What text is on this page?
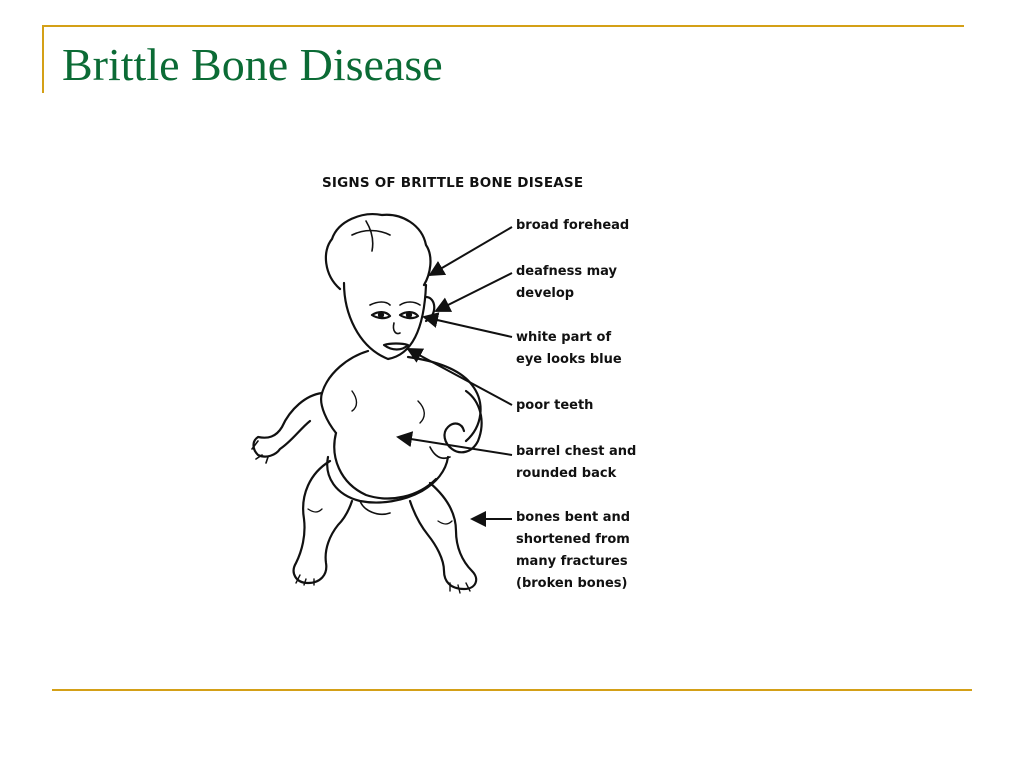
Brittle Bone Disease
SIGNS OF BRITTLE BONE DISEASE
broad forehead
deafness may
develop
white part of
eye looks blue
poor teeth
barrel chest and
rounded back
bones bent and
shortened from
many fractures
(broken bones)
